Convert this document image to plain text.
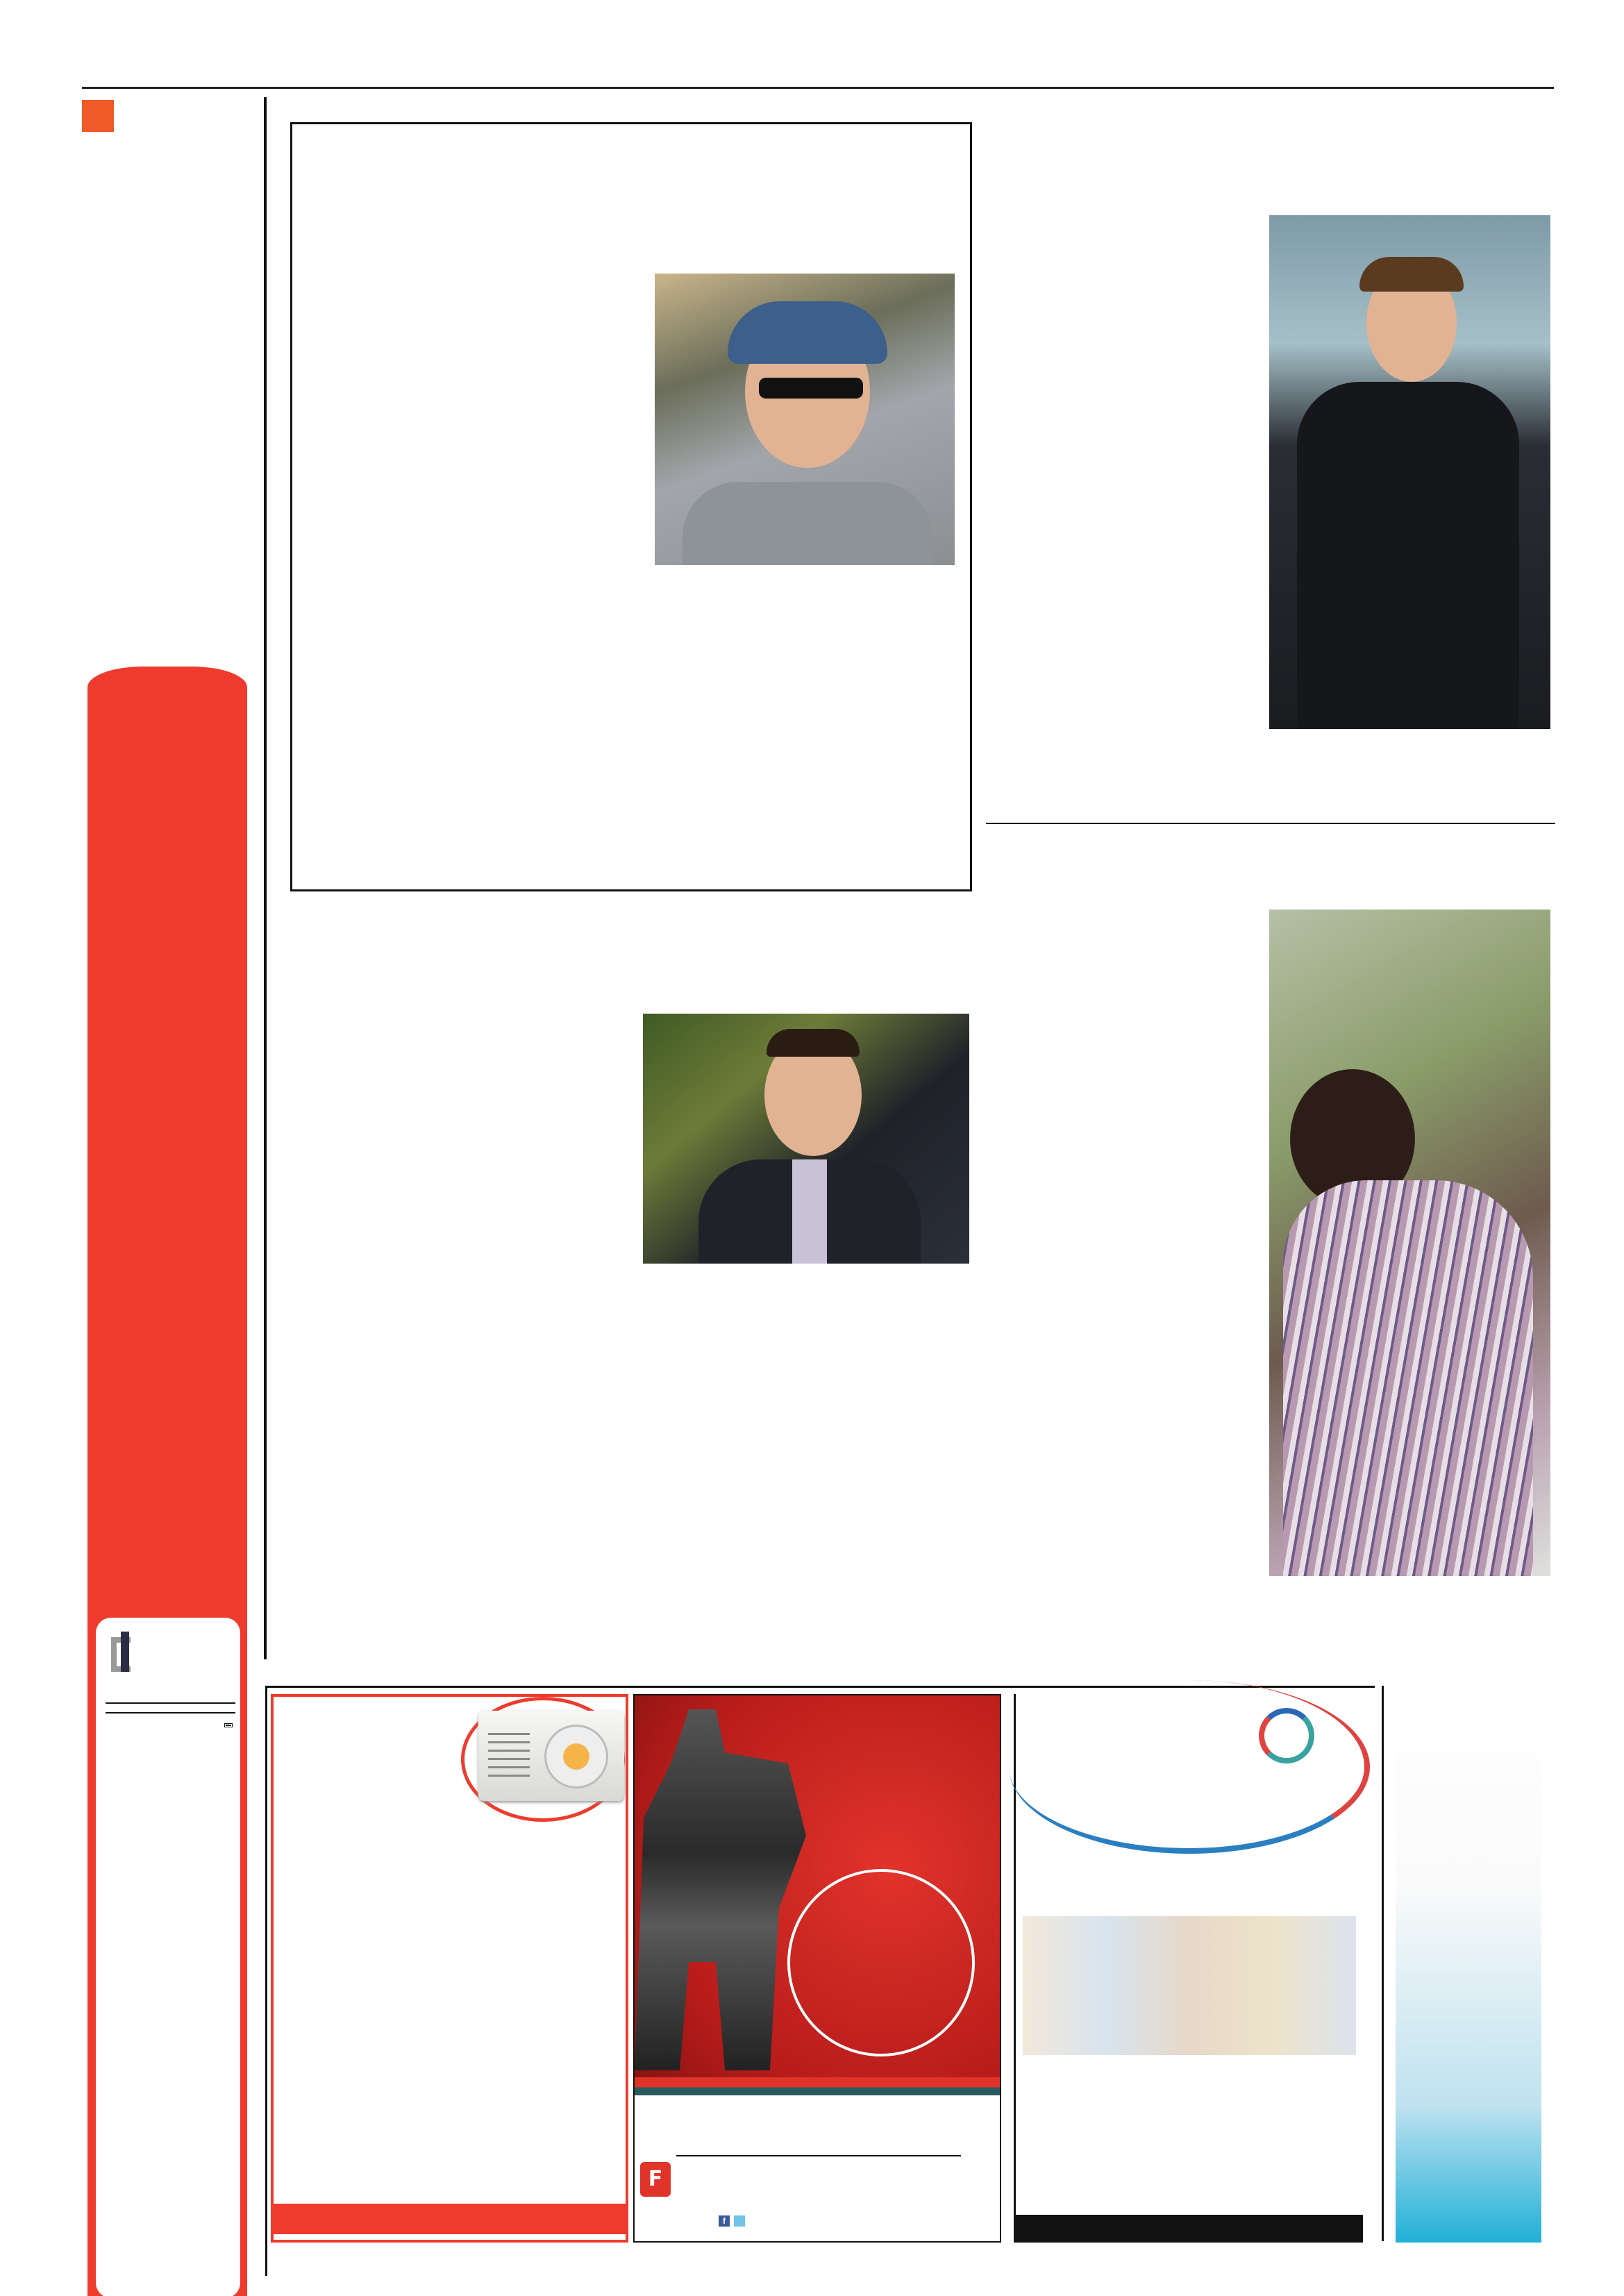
F
f
